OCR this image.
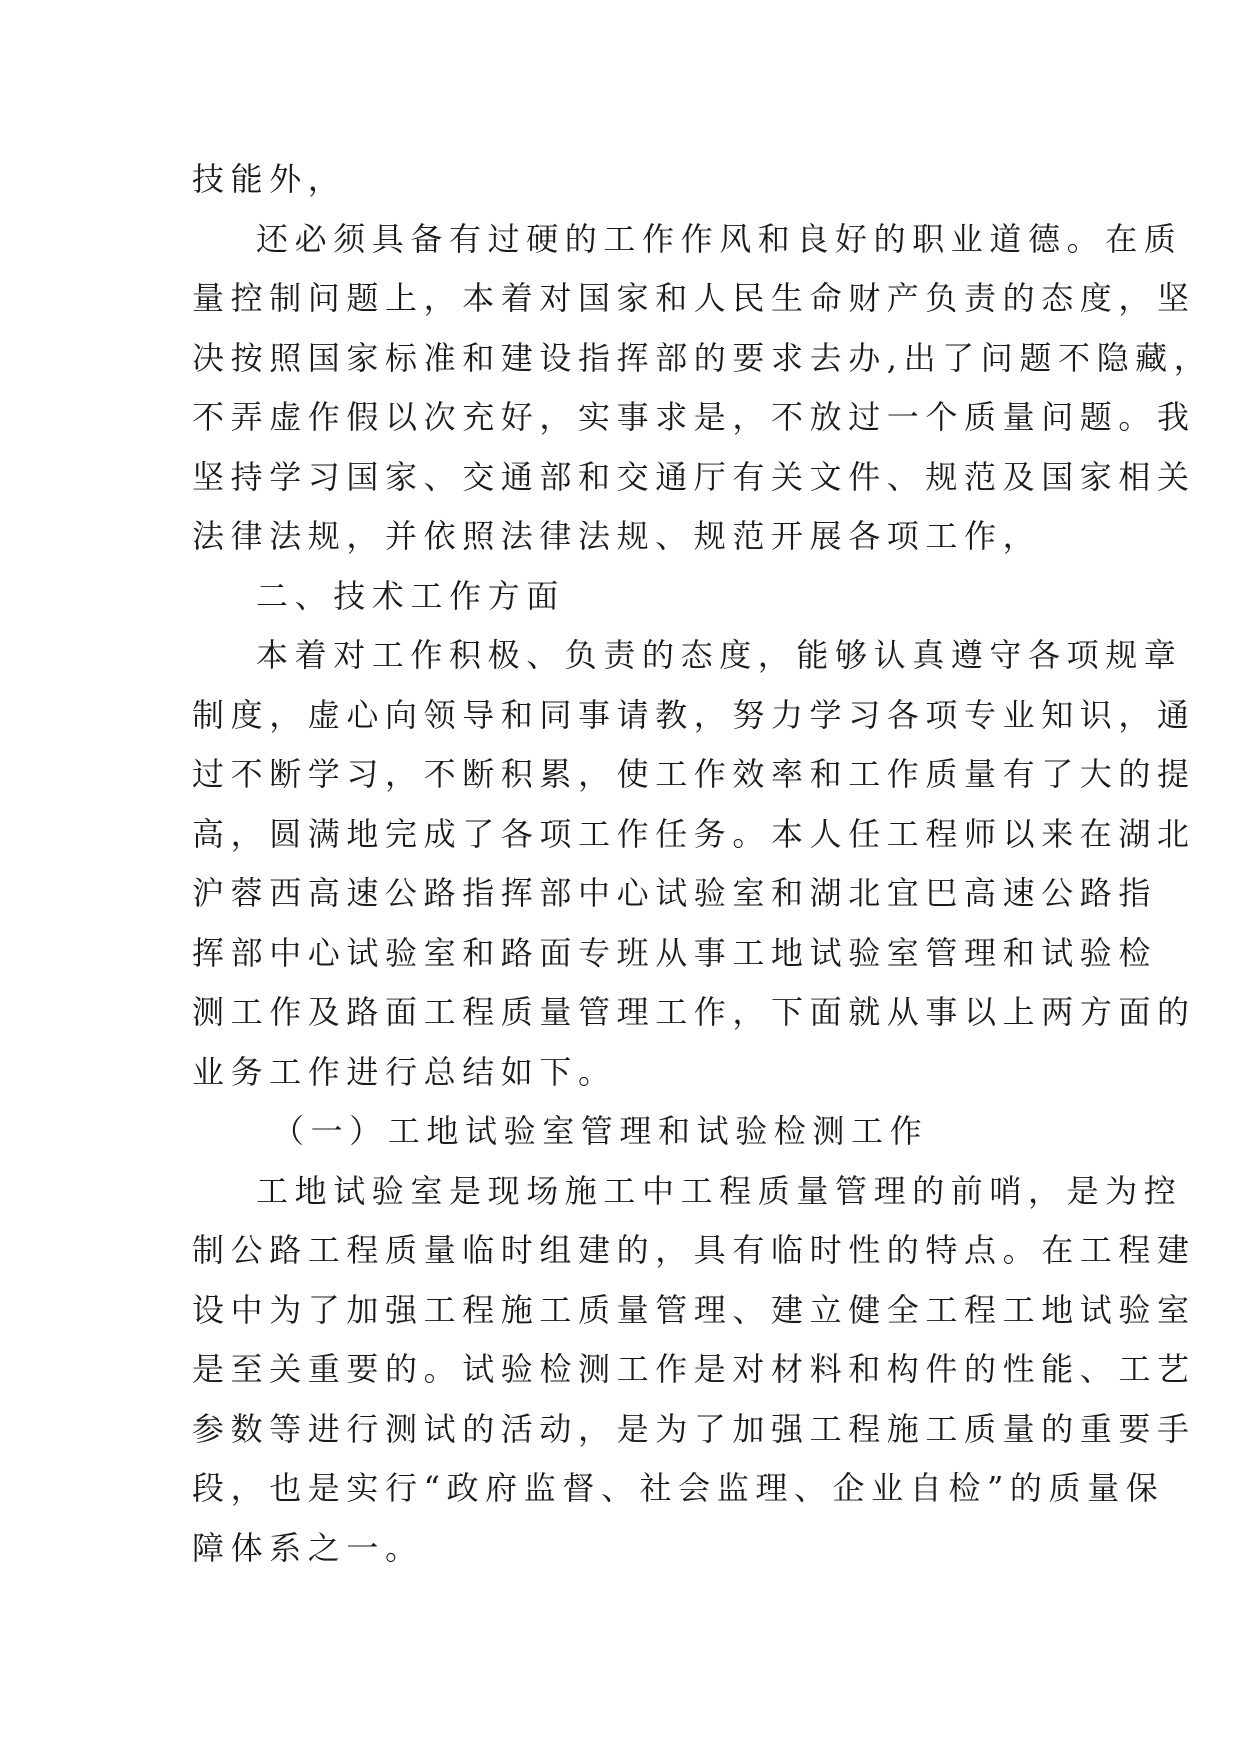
技能外，
还必须具备有过硬的工作作风和良好的职业道德。在质
量控制问题上，本着对国家和人民生命财产负责的态度，坚
决按照国家标准和建设指挥部的要求去办,出了问题不隐藏，
不弄虚作假以次充好，实事求是，不放过一个质量问题。我
坚持学习国家、交通部和交通厅有关文件、规范及国家相关
法律法规，并依照法律法规、规范开展各项工作，
二、技术工作方面
本着对工作积极、负责的态度，能够认真遵守各项规章
制度，虚心向领导和同事请教，努力学习各项专业知识，通
过不断学习，不断积累，使工作效率和工作质量有了大的提
高，圆满地完成了各项工作任务。本人任工程师以来在湖北
沪蓉西高速公路指挥部中心试验室和湖北宜巴高速公路指
挥部中心试验室和路面专班从事工地试验室管理和试验检
测工作及路面工程质量管理工作，下面就从事以上两方面的
业务工作进行总结如下。
（一）工地试验室管理和试验检测工作
工地试验室是现场施工中工程质量管理的前哨，是为控
制公路工程质量临时组建的，具有临时性的特点。在工程建
设中为了加强工程施工质量管理、建立健全工程工地试验室
是至关重要的。试验检测工作是对材料和构件的性能、工艺
参数等进行测试的活动，是为了加强工程施工质量的重要手
段，也是实行“政府监督、社会监理、企业自检”的质量保
障体系之一。
